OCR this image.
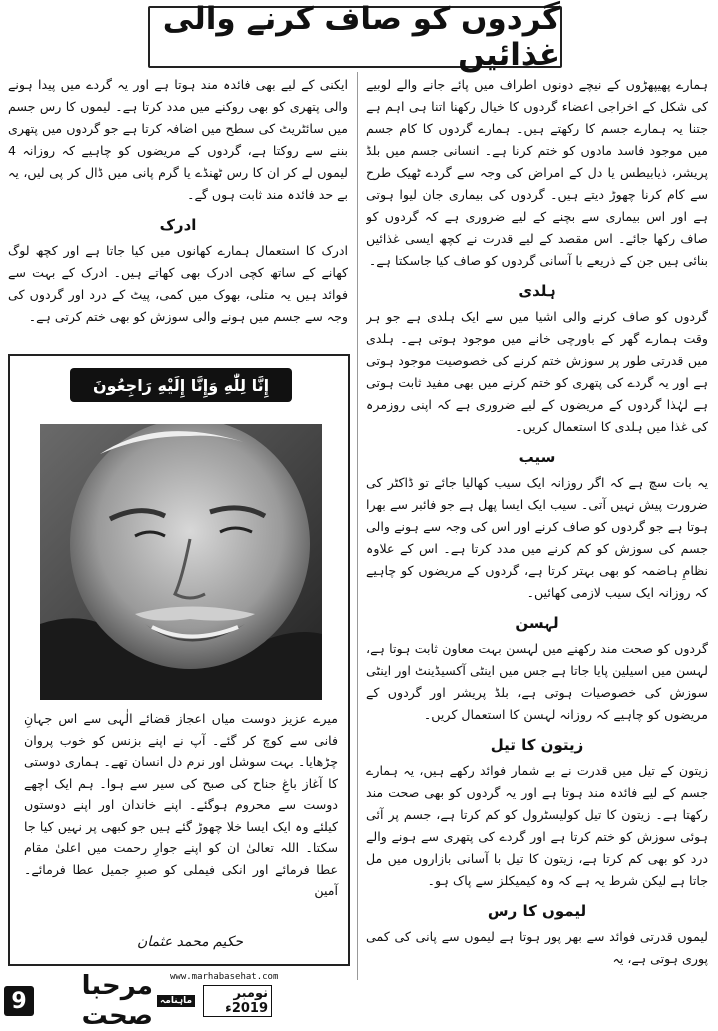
گردوں کو صاف کرنے والی غذائیں

ہمارے پھیپھڑوں کے نیچے دونوں اطراف میں پائے جانے والے لوبیے کی شکل کے اخراجی اعضاء گردوں کا خیال رکھنا اتنا ہی اہم ہے جتنا یہ ہمارے جسم کا رکھتے ہیں۔ ہمارے گردوں کا کام جسم میں موجود فاسد مادوں کو ختم کرنا ہے۔ انسانی جسم میں بلڈ پریشر، ذیابیطس یا دل کے امراض کی وجہ سے گردے ٹھیک طرح سے کام کرنا چھوڑ دیتے ہیں۔ گردوں کی بیماری جان لیوا ہوتی ہے اور اس بیماری سے بچنے کے لیے ضروری ہے کہ گردوں کو صاف رکھا جائے۔ اس مقصد کے لیے قدرت نے کچھ ایسی غذائیں بنائی ہیں جن کے ذریعے با آسانی گردوں کو صاف کیا جاسکتا ہے۔

ہلدی

گردوں کو صاف کرنے والی اشیا میں سے ایک ہلدی ہے جو ہر وقت ہمارے گھر کے باورچی خانے میں موجود ہوتی ہے۔ ہلدی میں قدرتی طور پر سوزش ختم کرنے کی خصوصیت موجود ہوتی ہے اور یہ گردے کی پتھری کو ختم کرنے میں بھی مفید ثابت ہوتی ہے لہٰذا گردوں کے مریضوں کے لیے ضروری ہے کہ اپنی روزمرہ کی غذا میں ہلدی کا استعمال کریں۔

سیب

یہ بات سچ ہے کہ اگر روزانہ ایک سیب کھالیا جائے تو ڈاکٹر کی ضرورت پیش نہیں آتی۔ سیب ایک ایسا پھل ہے جو فائبر سے بھرا ہوتا ہے جو گردوں کو صاف کرنے اور اس کی وجہ سے ہونے والی جسم کی سوزش کو کم کرنے میں مدد کرتا ہے۔ اس کے علاوہ نظامِ ہاضمہ کو بھی بہتر کرتا ہے، گردوں کے مریضوں کو چاہیے کہ روزانہ ایک سیب لازمی کھائیں۔

لہسن

گردوں کو صحت مند رکھنے میں لہسن بہت معاون ثابت ہوتا ہے، لہسن میں اسیلین پایا جاتا ہے جس میں اینٹی آکسیڈینٹ اور اینٹی سوزش کی خصوصیات ہوتی ہے، بلڈ پریشر اور گردوں کے مریضوں کو چاہیے کہ روزانہ لہسن کا استعمال کریں۔

زیتون کا تیل

زیتون کے تیل میں قدرت نے بے شمار فوائد رکھے ہیں، یہ ہمارے جسم کے لیے فائدہ مند ہوتا ہے اور یہ گردوں کو بھی صحت مند رکھتا ہے۔ زیتون کا تیل کولیسٹرول کو کم کرتا ہے، جسم پر آئی ہوئی سوزش کو ختم کرتا ہے اور گردے کی پتھری سے ہونے والے درد کو بھی کم کرتا ہے، زیتون کا تیل با آسانی بازاروں میں مل جاتا ہے لیکن شرط یہ ہے کہ وہ کیمیکلز سے پاک ہو۔

لیموں کا رس

لیموں قدرتی فوائد سے بھر پور ہوتا ہے لیموں سے پانی کی کمی پوری ہوتی ہے، یہ

ایکنی کے لیے بھی فائدہ مند ہوتا ہے اور یہ گردے میں پیدا ہونے والی پتھری کو بھی روکنے میں مدد کرتا ہے۔ لیموں کا رس جسم میں سائٹریٹ کی سطح میں اضافہ کرتا ہے جو گردوں میں پتھری بننے سے روکتا ہے، گردوں کے مریضوں کو چاہیے کہ روزانہ 4 لیموں لے کر ان کا رس ٹھنڈے یا گرم پانی میں ڈال کر پی لیں، یہ بے حد فائدہ مند ثابت ہوں گے۔

ادرک

ادرک کا استعمال ہمارے کھانوں میں کیا جاتا ہے اور کچھ لوگ کھانے کے ساتھ کچی ادرک بھی کھاتے ہیں۔ ادرک کے بہت سے فوائد ہیں یہ متلی، بھوک میں کمی، پیٹ کے درد اور گردوں کی وجہ سے جسم میں ہونے والی سوزش کو بھی ختم کرتی ہے۔

إِنَّا لِلّٰهِ وَإِنَّا إِلَيْهِ رَاجِعُونَ
میرے عزیز دوست میاں اعجاز قضائے الٰہی سے اس جہانِ فانی سے کوچ کر گئے۔ آپ نے اپنے بزنس کو خوب پروان چڑھایا۔ بہت سوشل اور نرم دل انسان تھے۔ ہماری دوستی کا آغاز باغِ جناح کی صبح کی سیر سے ہوا۔ ہم ایک اچھے دوست سے محروم ہوگئے۔ اپنے خاندان اور اپنے دوستوں کیلئے وہ ایک ایسا خلا چھوڑ گئے ہیں جو کبھی پر نہیں کیا جا سکتا۔ اللہ تعالیٰ ان کو اپنے جوارِ رحمت میں اعلیٰ مقام عطا فرمائے اور انکی فیملی کو صبرِ جمیل عطا فرمائے۔ آمین
حکیم محمد عثمان
9
www.marhabasehat.com
مرحبا صحت ماہنامہ	نومبر 2019ء
